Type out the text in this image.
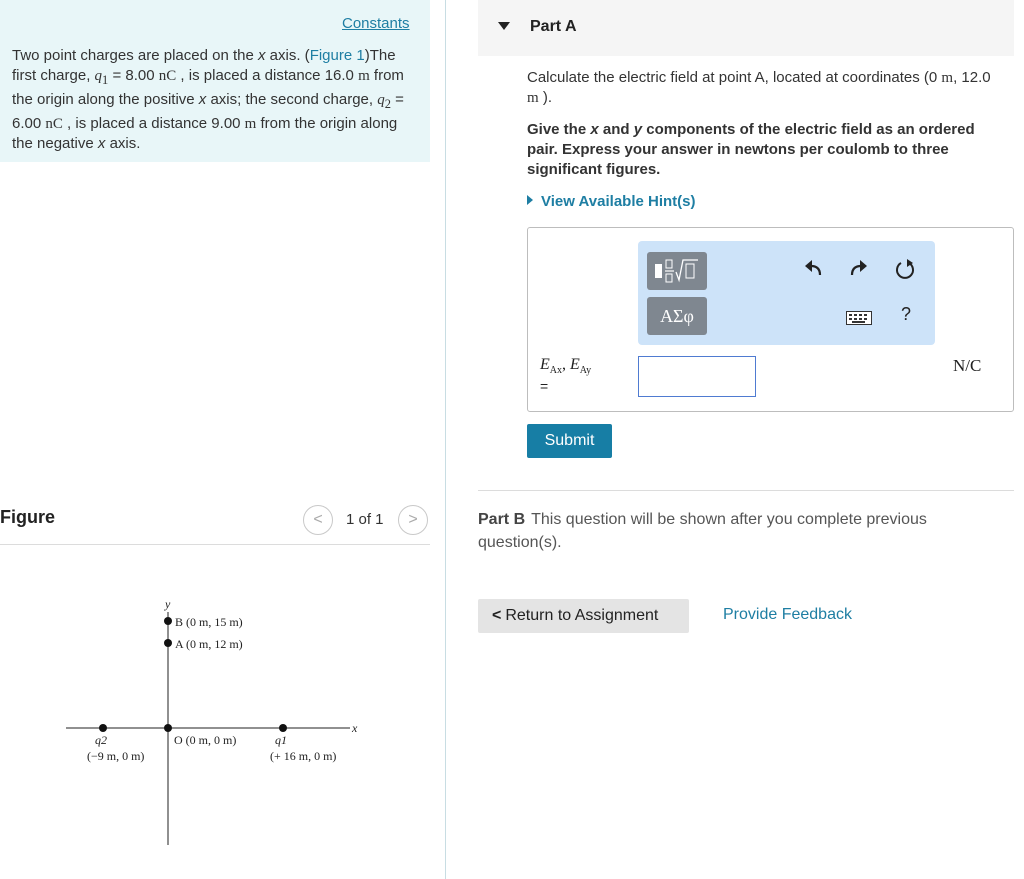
Constants
Two point charges are placed on the x axis. (Figure 1)The first charge, $q_1 = 8.00$ nC , is placed a distance 16.0 m from the origin along the positive x axis; the second charge, $q_2 = 6.00$ nC , is placed a distance 9.00 m from the origin along the negative x axis.
Figure	<	1 of 1	>
y
x
B (0 m, 15 m)
A (0 m, 12 m)
O (0 m, 0 m)
q2
(−9 m, 0 m)
q1
(+ 16 m, 0 m)
Part A
Calculate the electric field at point A, located at coordinates (0 m, 12.0 m ).
Give the x and y components of the electric field as an ordered pair. Express your answer in newtons per coulomb to three significant figures.
View Available Hint(s)
ΑΣφ	?
$E_{Ax}$, $E_{Ay}$
=
N/C
Submit
Part B This question will be shown after you complete previous question(s).
< Return to Assignment	Provide Feedback
